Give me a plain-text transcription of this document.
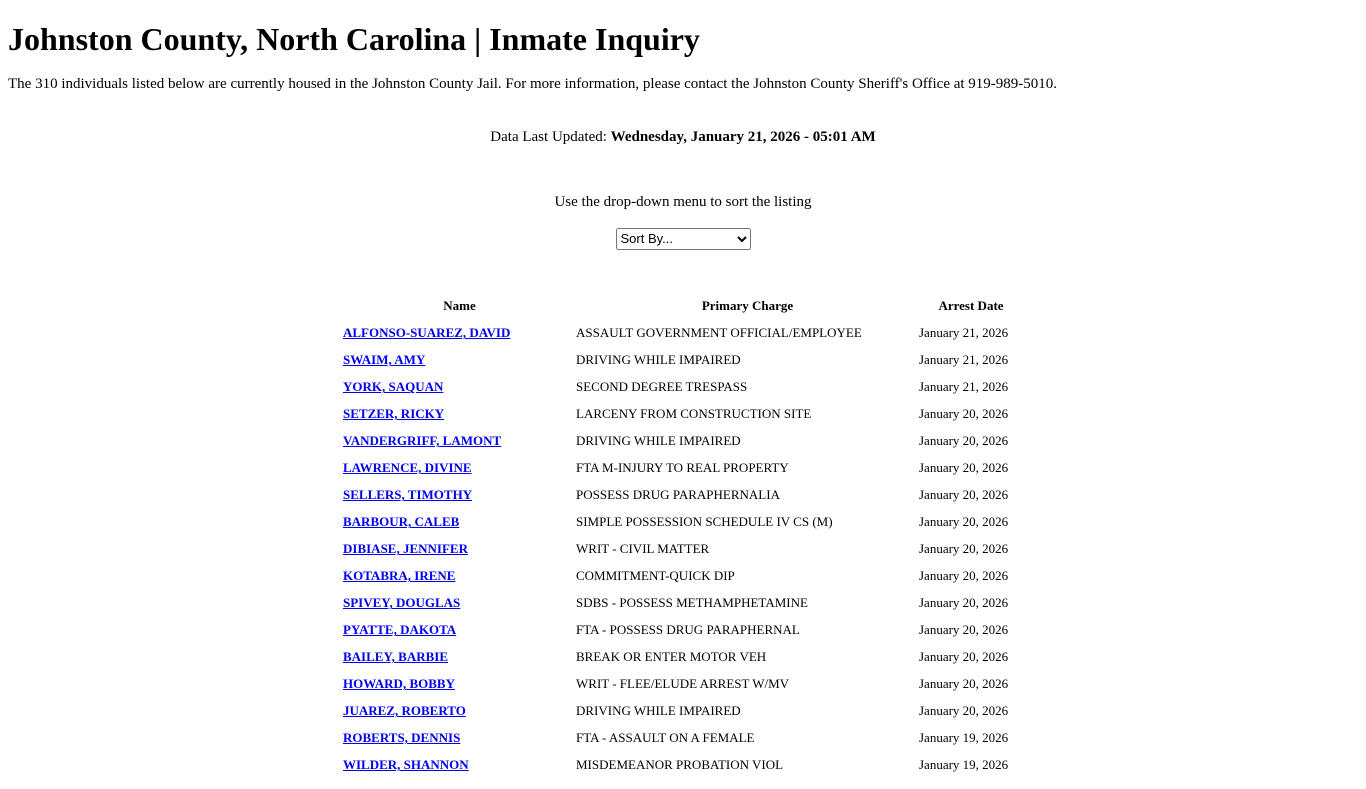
Johnston County, North Carolina | Inmate Inquiry

The 310 individuals listed below are currently housed in the Johnston County Jail. For more information, please contact the Johnston County Sheriff's Office at 919-989-5010.

Data Last Updated: Wednesday, January 21, 2026 - 05:01 AM
Use the drop-down menu to sort the listing
Sort By...
Name	Primary Charge	Arrest Date
ALFONSO-SUAREZ, DAVID	ASSAULT GOVERNMENT OFFICIAL/EMPLOYEE	January 21, 2026
SWAIM, AMY	DRIVING WHILE IMPAIRED	January 21, 2026
YORK, SAQUAN	SECOND DEGREE TRESPASS	January 21, 2026
SETZER, RICKY	LARCENY FROM CONSTRUCTION SITE	January 20, 2026
VANDERGRIFF, LAMONT	DRIVING WHILE IMPAIRED	January 20, 2026
LAWRENCE, DIVINE	FTA M-INJURY TO REAL PROPERTY	January 20, 2026
SELLERS, TIMOTHY	POSSESS DRUG PARAPHERNALIA	January 20, 2026
BARBOUR, CALEB	SIMPLE POSSESSION SCHEDULE IV CS (M)	January 20, 2026
DIBIASE, JENNIFER	WRIT - CIVIL MATTER	January 20, 2026
KOTABRA, IRENE	COMMITMENT-QUICK DIP	January 20, 2026
SPIVEY, DOUGLAS	SDBS - POSSESS METHAMPHETAMINE	January 20, 2026
PYATTE, DAKOTA	FTA - POSSESS DRUG PARAPHERNAL	January 20, 2026
BAILEY, BARBIE	BREAK OR ENTER MOTOR VEH	January 20, 2026
HOWARD, BOBBY	WRIT - FLEE/ELUDE ARREST W/MV	January 20, 2026
JUAREZ, ROBERTO	DRIVING WHILE IMPAIRED	January 20, 2026
ROBERTS, DENNIS	FTA - ASSAULT ON A FEMALE	January 19, 2026
WILDER, SHANNON	MISDEMEANOR PROBATION VIOL	January 19, 2026
